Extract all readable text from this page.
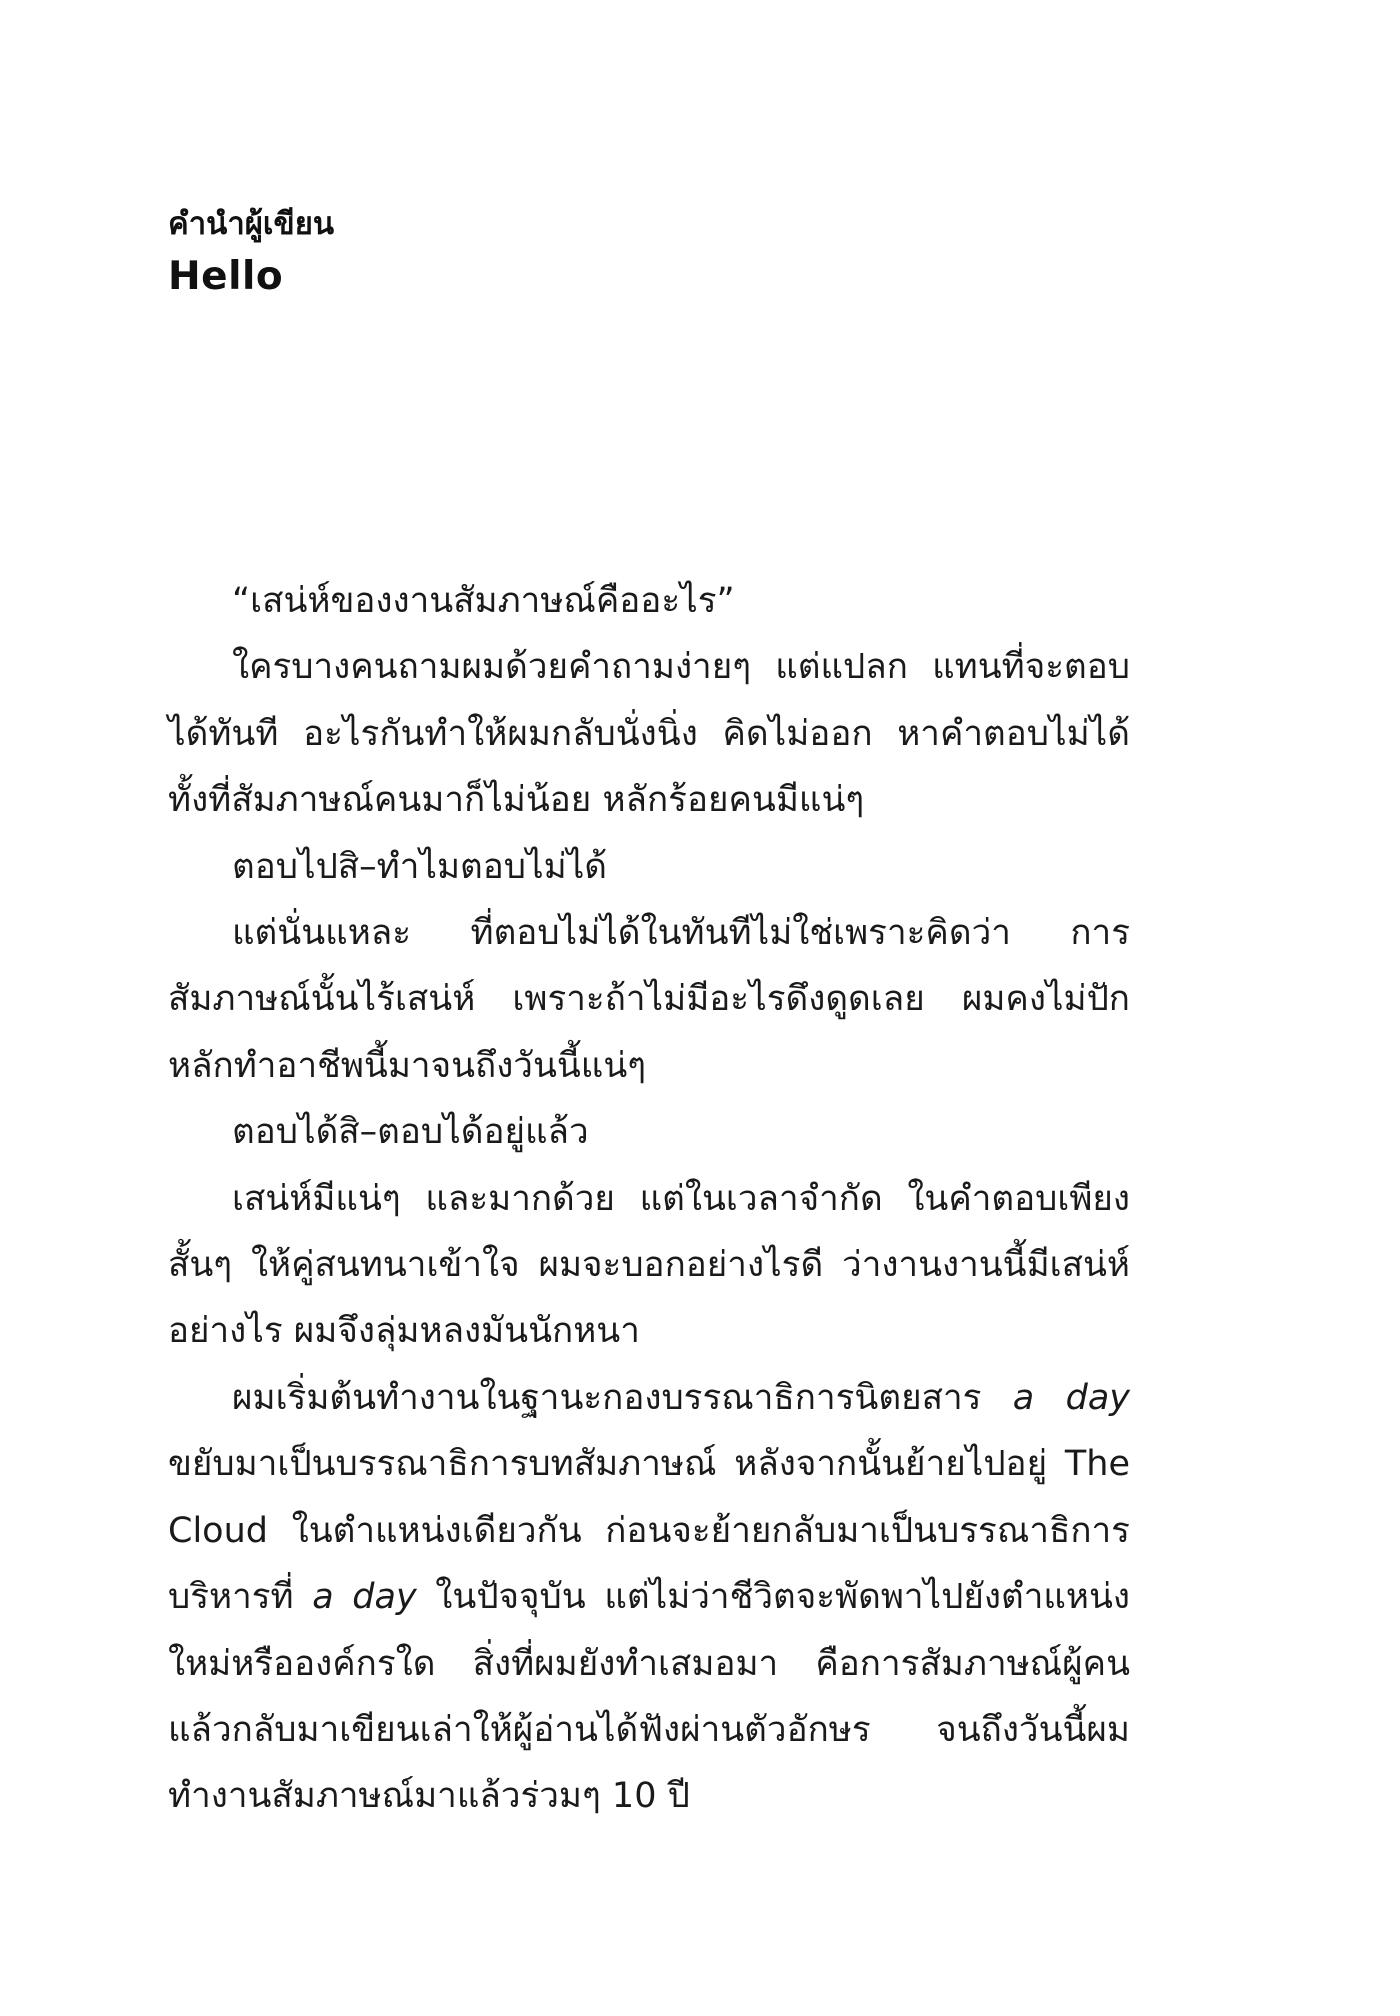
คำนำผู้เขียน

Hello

“เสน่ห์ของงานสัมภาษณ์คืออะไร”

ใครบางคนถามผมด้วยคำถามง่ายๆ แต่แปลก แทนที่จะตอบได้ทันที อะไรกันทำให้ผมกลับนั่งนิ่ง คิดไม่ออก หาคำตอบไม่ได้ ทั้งที่สัมภาษณ์คนมาก็ไม่น้อย หลักร้อยคนมีแน่ๆ

ตอบไปสิ–ทำไมตอบไม่ได้

แต่นั่นแหละ ที่ตอบไม่ได้ในทันทีไม่ใช่เพราะคิดว่า การสัมภาษณ์นั้นไร้เสน่ห์ เพราะถ้าไม่มีอะไรดึงดูดเลย ผมคงไม่ปักหลักทำอาชีพนี้มาจนถึงวันนี้แน่ๆ

ตอบได้สิ–ตอบได้อยู่แล้ว

เสน่ห์มีแน่ๆ และมากด้วย แต่ในเวลาจำกัด ในคำตอบเพียงสั้นๆ ให้คู่สนทนาเข้าใจ ผมจะบอกอย่างไรดี ว่างานงานนี้มีเสน่ห์อย่างไร ผมจึงลุ่มหลงมันนักหนา

ผมเริ่มต้นทำงานในฐานะกองบรรณาธิการนิตยสาร a day ขยับมาเป็นบรรณาธิการบทสัมภาษณ์ หลังจากนั้นย้ายไปอยู่ The Cloud ในตำแหน่งเดียวกัน ก่อนจะย้ายกลับมาเป็นบรรณาธิการบริหารที่ a day ในปัจจุบัน แต่ไม่ว่าชีวิตจะพัดพาไปยังตำแหน่งใหม่หรือองค์กรใด สิ่งที่ผมยังทำเสมอมา คือการสัมภาษณ์ผู้คน แล้วกลับมาเขียนเล่าให้ผู้อ่านได้ฟังผ่านตัวอักษร จนถึงวันนี้ผมทำงานสัมภาษณ์มาแล้วร่วมๆ 10 ปี
